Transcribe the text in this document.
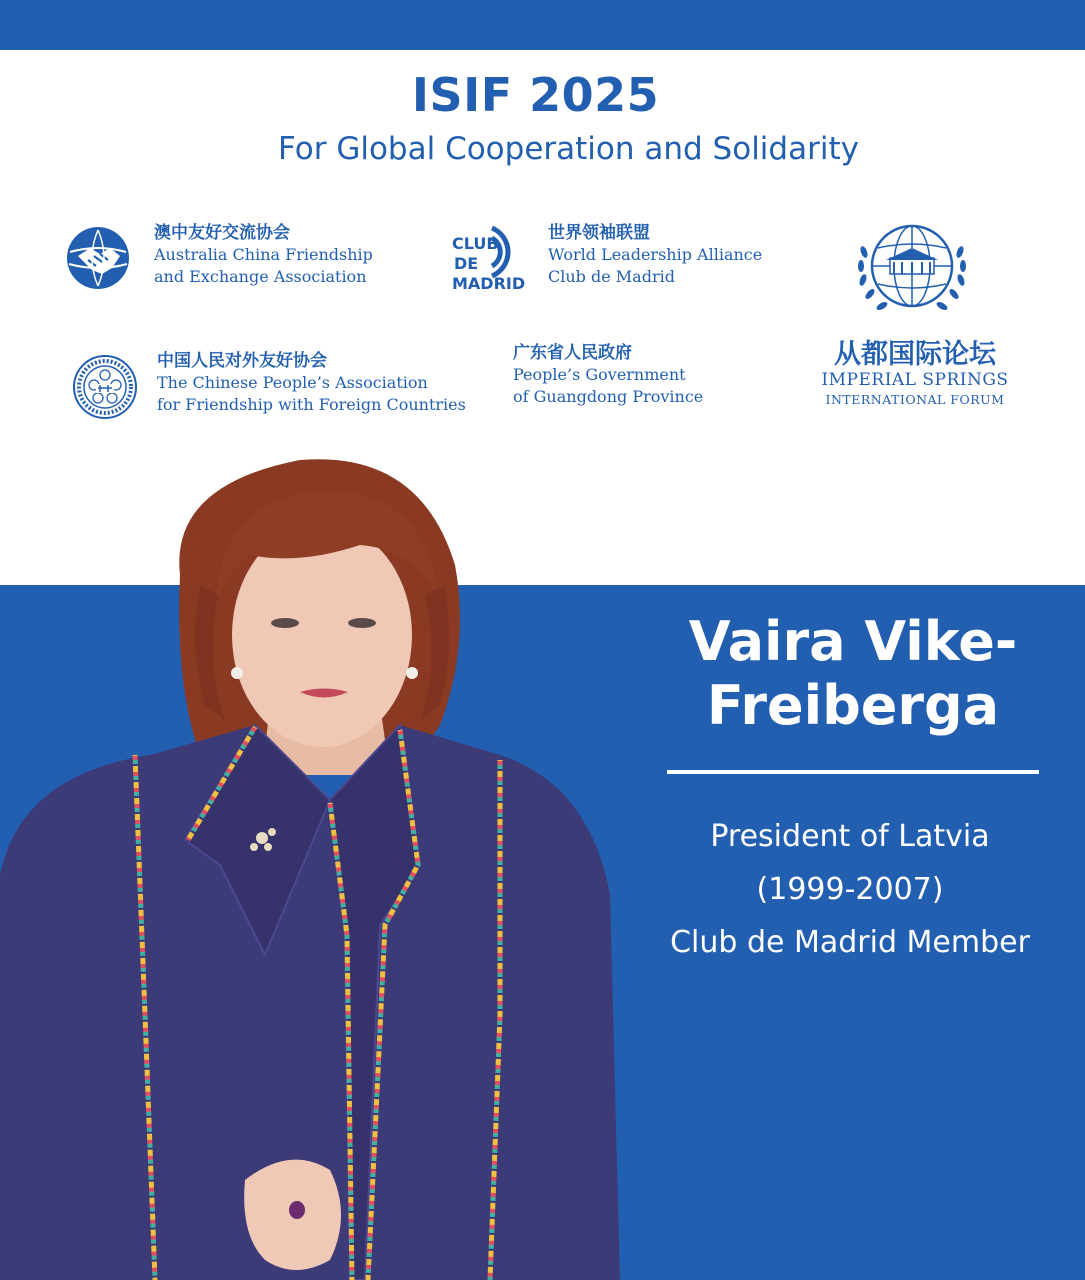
ISIF 2025
For Global Cooperation and Solidarity
澳中友好交流协会
Australia China Friendship
and Exchange Association
CLUB
DE
MADRID
世界领袖联盟
World Leadership Alliance
Club de Madrid
从都国际论坛
IMPERIAL SPRINGS
INTERNATIONAL FORUM
中国人民对外友好协会
The Chinese People’s Association
for Friendship with Foreign Countries
广东省人民政府
People’s Government
of Guangdong Province
Vaira Vike-
Freiberga
President of Latvia
(1999-2007)
Club de Madrid Member
